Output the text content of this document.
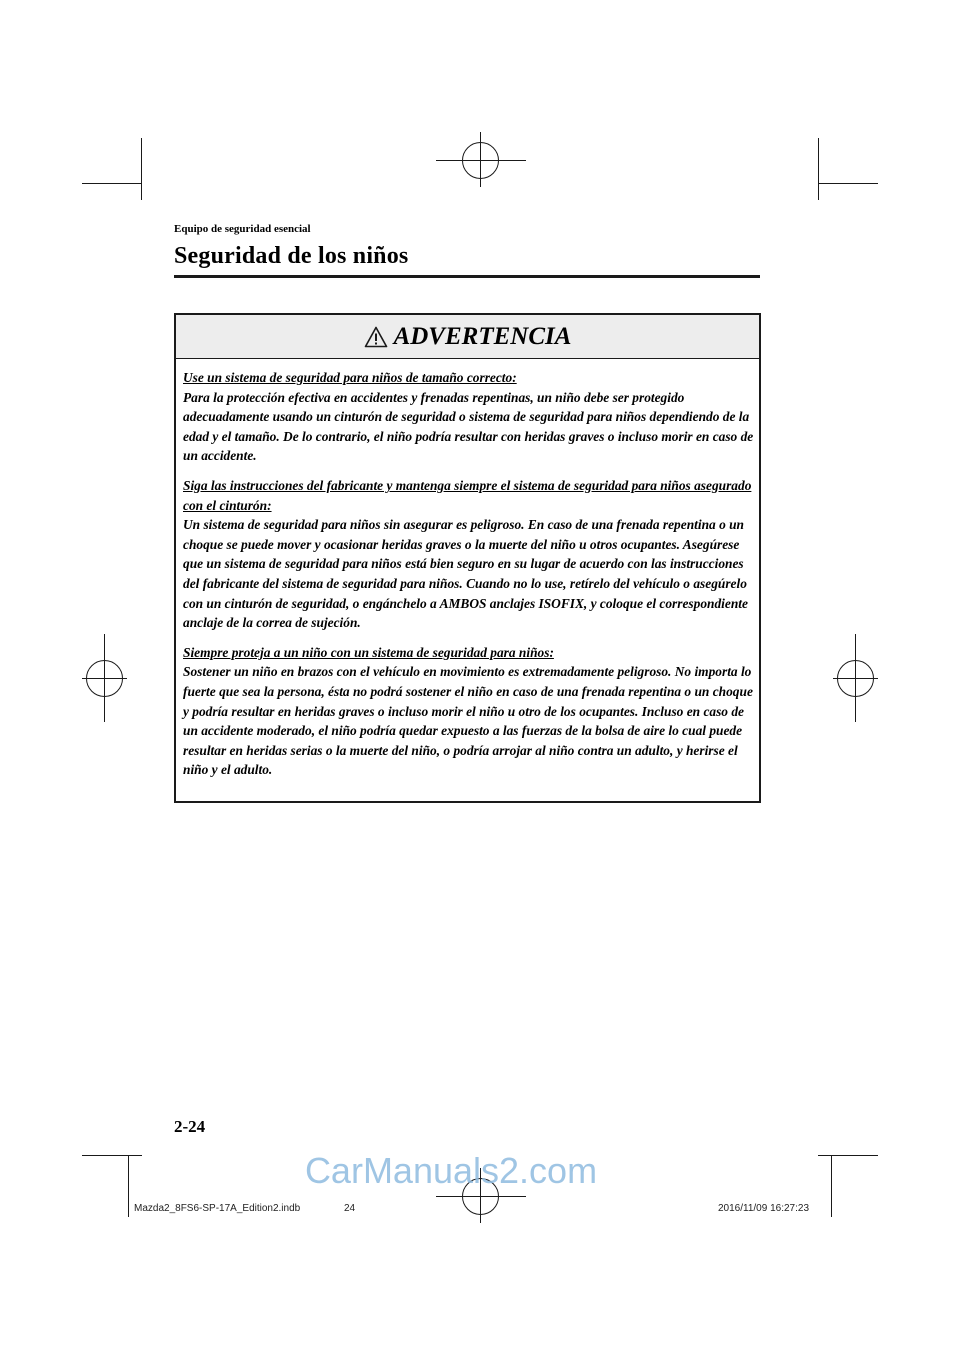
Equipo de seguridad esencial
Seguridad de los niños
ADVERTENCIA

Use un sistema de seguridad para niños de tamaño correcto:
Para la protección efectiva en accidentes y frenadas repentinas, un niño debe ser protegido adecuadamente usando un cinturón de seguridad o sistema de seguridad para niños dependiendo de la edad y el tamaño. De lo contrario, el niño podría resultar con heridas graves o incluso morir en caso de un accidente.

Siga las instrucciones del fabricante y mantenga siempre el sistema de seguridad para niños asegurado con el cinturón:
Un sistema de seguridad para niños sin asegurar es peligroso. En caso de una frenada repentina o un choque se puede mover y ocasionar heridas graves o la muerte del niño u otros ocupantes. Asegúrese que un sistema de seguridad para niños está bien seguro en su lugar de acuerdo con las instrucciones del fabricante del sistema de seguridad para niños. Cuando no lo use, retírelo del vehículo o asegúrelo con un cinturón de seguridad, o engánchelo a AMBOS anclajes ISOFIX, y coloque el correspondiente anclaje de la correa de sujeción.

Siempre proteja a un niño con un sistema de seguridad para niños:
Sostener un niño en brazos con el vehículo en movimiento es extremadamente peligroso. No importa lo fuerte que sea la persona, ésta no podrá sostener el niño en caso de una frenada repentina o un choque y podría resultar en heridas graves o incluso morir el niño u otro de los ocupantes. Incluso en caso de un accidente moderado, el niño podría quedar expuesto a las fuerzas de la bolsa de aire lo cual puede resultar en heridas serias o la muerte del niño, o podría arrojar al niño contra un adulto, y herirse el niño y el adulto.

2-24
CarManuals2.com
Mazda2_8FS6-SP-17A_Edition2.indb	24	2016/11/09 16:27:23
